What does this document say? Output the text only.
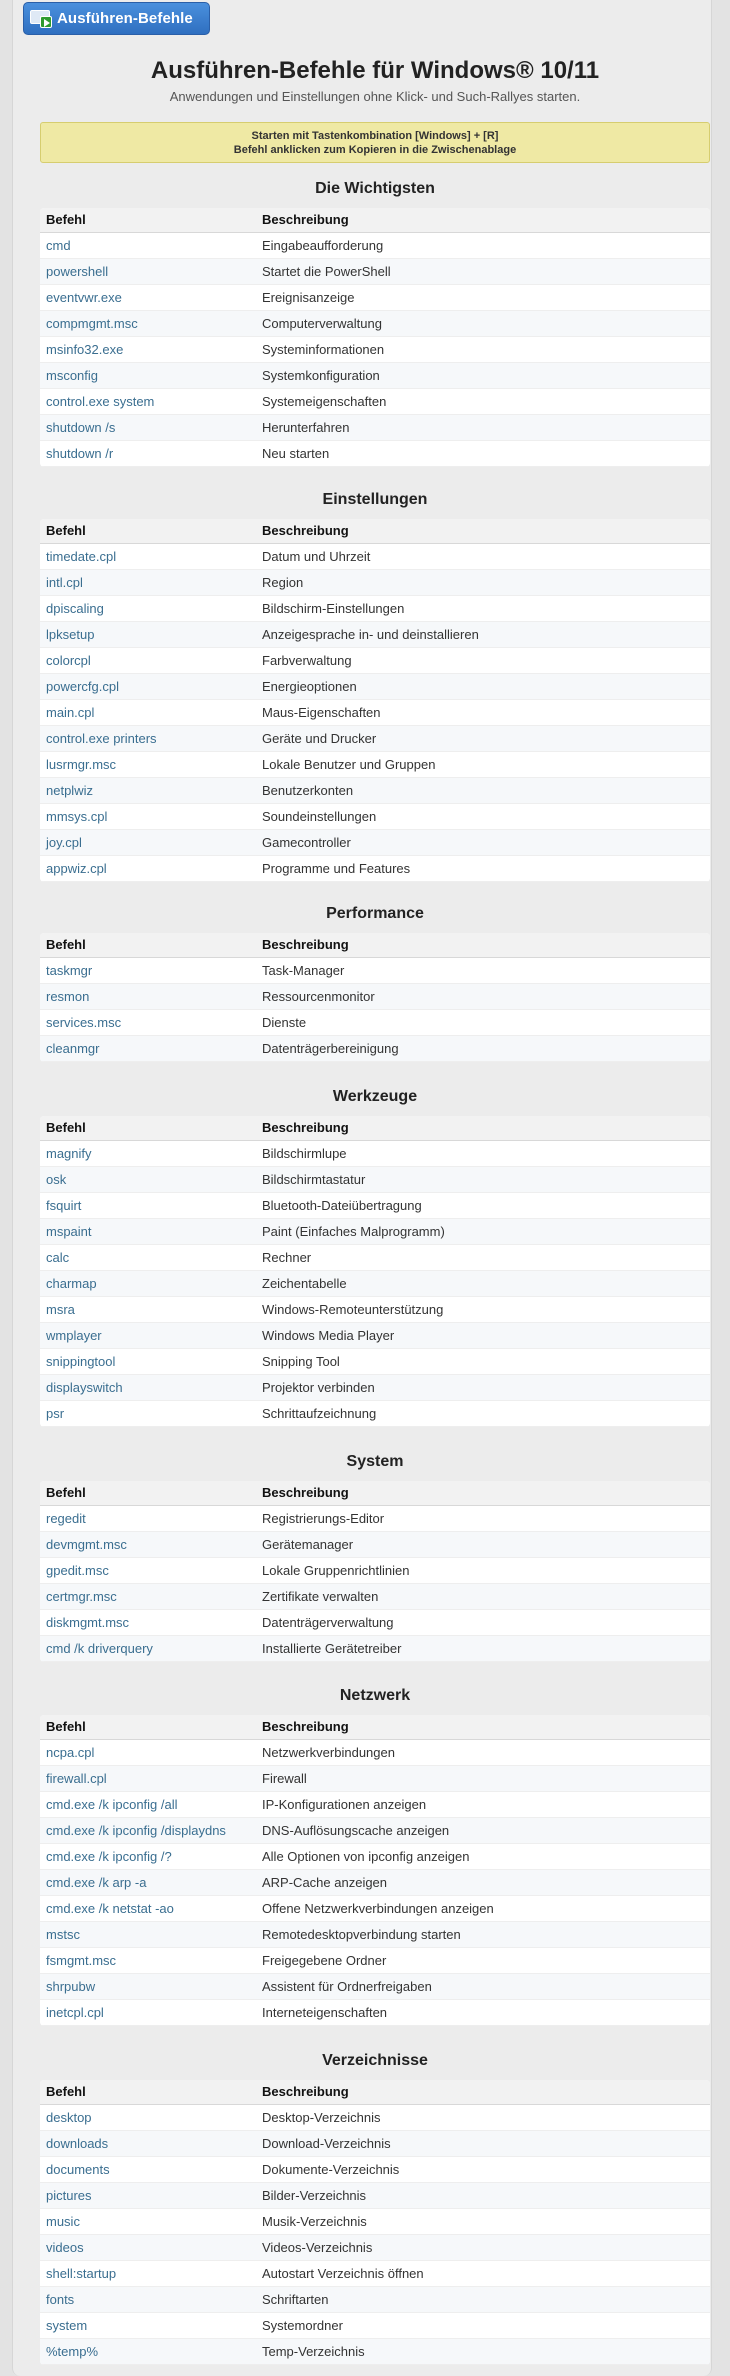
Ausführen-Befehle
Ausführen-Befehle für Windows® 10/11
Anwendungen und Einstellungen ohne Klick- und Such-Rallyes starten.
Starten mit Tastenkombination [Windows] + [R]
Befehl anklicken zum Kopieren in die Zwischenablage
Die Wichtigsten
Befehl	Beschreibung
cmd	Eingabeaufforderung
powershell	Startet die PowerShell
eventvwr.exe	Ereignisanzeige
compmgmt.msc	Computerverwaltung
msinfo32.exe	Systeminformationen
msconfig	Systemkonfiguration
control.exe system	Systemeigenschaften
shutdown /s	Herunterfahren
shutdown /r	Neu starten
Einstellungen
Befehl	Beschreibung
timedate.cpl	Datum und Uhrzeit
intl.cpl	Region
dpiscaling	Bildschirm-Einstellungen
lpksetup	Anzeigesprache in- und deinstallieren
colorcpl	Farbverwaltung
powercfg.cpl	Energieoptionen
main.cpl	Maus-Eigenschaften
control.exe printers	Geräte und Drucker
lusrmgr.msc	Lokale Benutzer und Gruppen
netplwiz	Benutzerkonten
mmsys.cpl	Soundeinstellungen
joy.cpl	Gamecontroller
appwiz.cpl	Programme und Features
Performance
Befehl	Beschreibung
taskmgr	Task-Manager
resmon	Ressourcenmonitor
services.msc	Dienste
cleanmgr	Datenträgerbereinigung
Werkzeuge
Befehl	Beschreibung
magnify	Bildschirmlupe
osk	Bildschirmtastatur
fsquirt	Bluetooth-Dateiübertragung
mspaint	Paint (Einfaches Malprogramm)
calc	Rechner
charmap	Zeichentabelle
msra	Windows-Remoteunterstützung
wmplayer	Windows Media Player
snippingtool	Snipping Tool
displayswitch	Projektor verbinden
psr	Schrittaufzeichnung
System
Befehl	Beschreibung
regedit	Registrierungs-Editor
devmgmt.msc	Gerätemanager
gpedit.msc	Lokale Gruppenrichtlinien
certmgr.msc	Zertifikate verwalten
diskmgmt.msc	Datenträgerverwaltung
cmd /k driverquery	Installierte Gerätetreiber
Netzwerk
Befehl	Beschreibung
ncpa.cpl	Netzwerkverbindungen
firewall.cpl	Firewall
cmd.exe /k ipconfig /all	IP-Konfigurationen anzeigen
cmd.exe /k ipconfig /displaydns	DNS-Auflösungscache anzeigen
cmd.exe /k ipconfig /?	Alle Optionen von ipconfig anzeigen
cmd.exe /k arp -a	ARP-Cache anzeigen
cmd.exe /k netstat -ao	Offene Netzwerkverbindungen anzeigen
mstsc	Remotedesktopverbindung starten
fsmgmt.msc	Freigegebene Ordner
shrpubw	Assistent für Ordnerfreigaben
inetcpl.cpl	Interneteigenschaften
Verzeichnisse
Befehl	Beschreibung
desktop	Desktop-Verzeichnis
downloads	Download-Verzeichnis
documents	Dokumente-Verzeichnis
pictures	Bilder-Verzeichnis
music	Musik-Verzeichnis
videos	Videos-Verzeichnis
shell:startup	Autostart Verzeichnis öffnen
fonts	Schriftarten
system	Systemordner
%temp%	Temp-Verzeichnis
